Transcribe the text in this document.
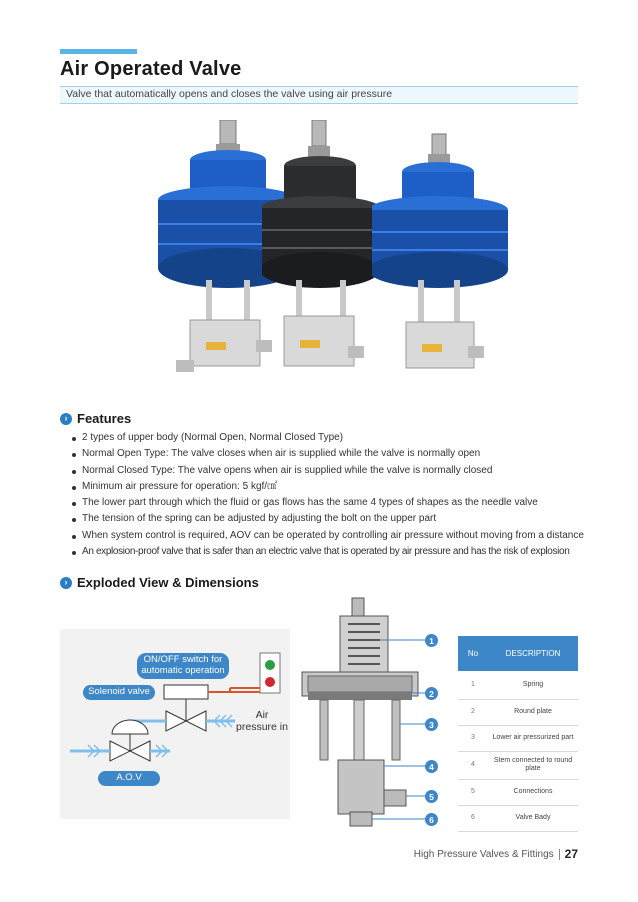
Air Operated Valve
Valve that automatically opens and closes the valve using air pressure
› Features
2 types of upper body (Normal Open, Normal Closed Type)
Normal Open Type: The valve closes when air is supplied while the valve is normally open
Normal Closed Type: The valve opens when air is supplied while the valve is normally closed
Minimum air pressure for operation: 5 kgf/㎠
The lower part through which the fluid or gas flows has the same 4 types of shapes as the needle valve
The tension of the spring can be adjusted by adjusting the bolt on the upper part
When system control is required, AOV can be operated by controlling air pressure without moving from a distance
An explosion-proof valve that is safer than an electric valve that is operated by air pressure and has the risk of explosion
› Exploded View & Dimensions
ON/OFF switch for automatic operation
Solenoid valve
Air pressure in
A.O.V
1
2
3
4
5
6
No	DESCRIPTION
1	Spring
2	Round plate
3	Lower air pressurized part
4	Stem connected to round plate
5	Connections
6	Valve Bady
High Pressure Valves & Fittings 27
